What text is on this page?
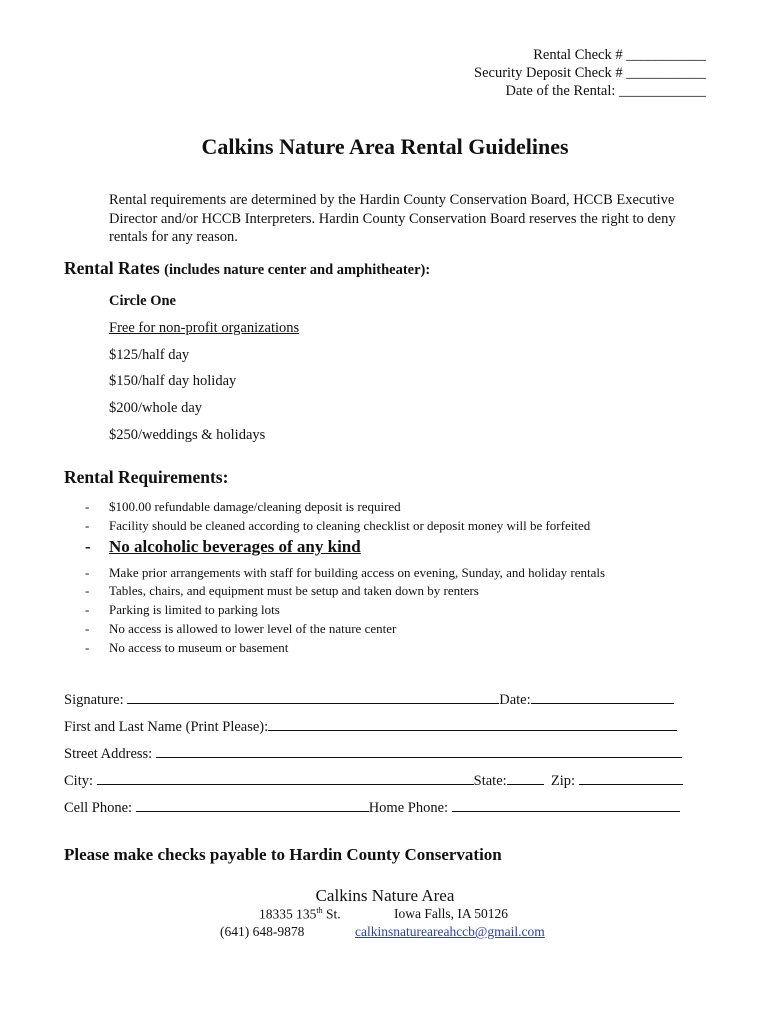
Rental Check # ___________
Security Deposit Check # ___________
Date of the Rental: ____________
Calkins Nature Area Rental Guidelines
Rental requirements are determined by the Hardin County Conservation Board, HCCB Executive Director and/or HCCB Interpreters. Hardin County Conservation Board reserves the right to deny rentals for any reason.
Rental Rates (includes nature center and amphitheater):
Circle One
Free for non-profit organizations
$125/half day
$150/half day holiday
$200/whole day
$250/weddings & holidays
Rental Requirements:
- $100.00 refundable damage/cleaning deposit is required
- Facility should be cleaned according to cleaning checklist or deposit money will be forfeited
- No alcoholic beverages of any kind
- Make prior arrangements with staff for building access on evening, Sunday, and holiday rentals
- Tables, chairs, and equipment must be setup and taken down by renters
- Parking is limited to parking lots
- No access is allowed to lower level of the nature center
- No access to museum or basement
Signature:	Date:
First and Last Name (Print Please):
Street Address:
City:	State:	Zip:
Cell Phone:	Home Phone:
Please make checks payable to Hardin County Conservation
Calkins Nature Area
18335 135th St.	Iowa Falls, IA 50126
(641) 648-9878	calkinsnatureareahccb@gmail.com
